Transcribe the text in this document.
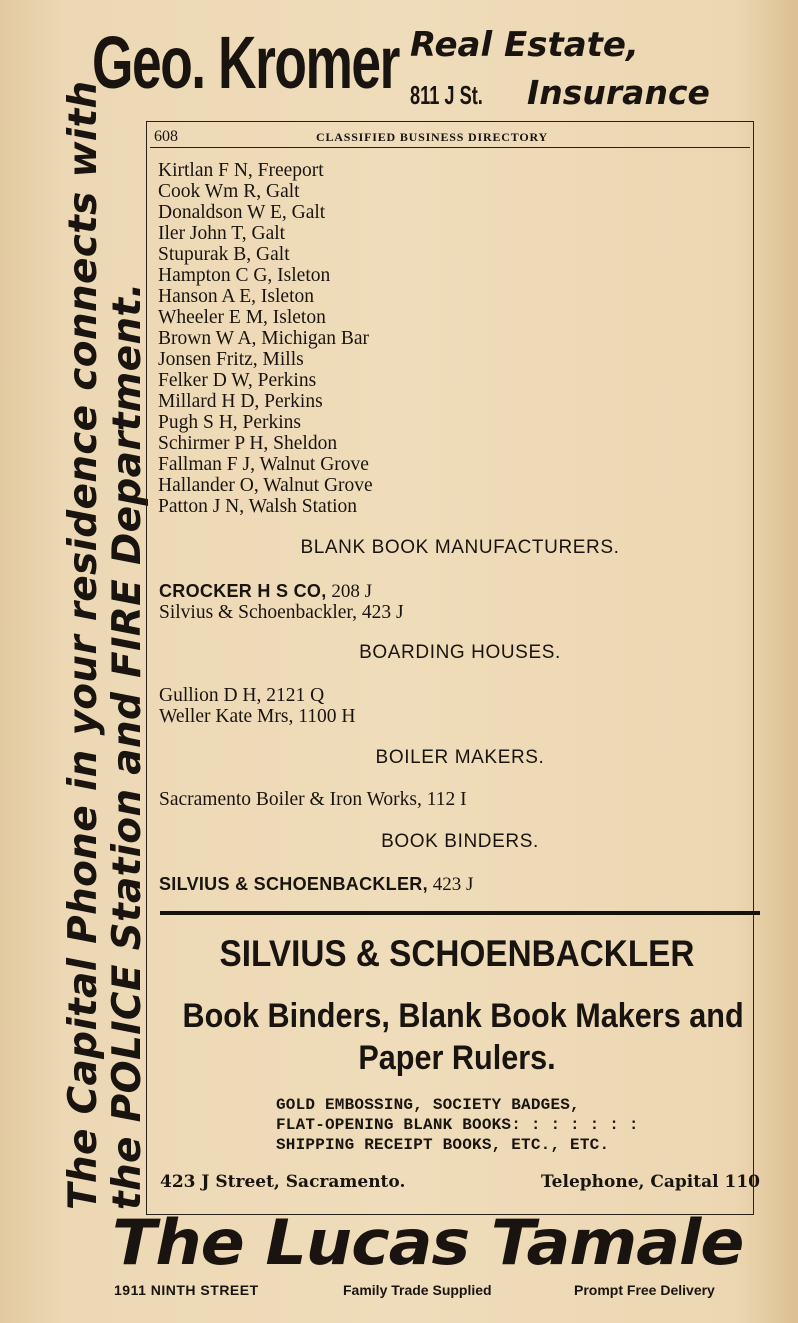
Geo. Kromer Real Estate,
811 J St. Insurance
The Capital Phone in your residence connects with the POLICE Station and FIRE Department.
608	CLASSIFIED BUSINESS DIRECTORY
Kirtlan F N, Freeport
Cook Wm R, Galt
Donaldson W E, Galt
Iler John T, Galt
Stupurak B, Galt
Hampton C G, Isleton
Hanson A E, Isleton
Wheeler E M, Isleton
Brown W A, Michigan Bar
Jonsen Fritz, Mills
Felker D W, Perkins
Millard H D, Perkins
Pugh S H, Perkins
Schirmer P H, Sheldon
Fallman F J, Walnut Grove
Hallander O, Walnut Grove
Patton J N, Walsh Station
BLANK BOOK MANUFACTURERS.
CROCKER H S CO, 208 J
Silvius & Schoenbackler, 423 J
BOARDING HOUSES.
Gullion D H, 2121 Q
Weller Kate Mrs, 1100 H
BOILER MAKERS.
Sacramento Boiler & Iron Works, 112 I
BOOK BINDERS.
SILVIUS & SCHOENBACKLER, 423 J
SILVIUS & SCHOENBACKLER
Book Binders, Blank Book Makers and
Paper Rulers.
GOLD EMBOSSING, SOCIETY BADGES,
FLAT-OPENING BLANK BOOKS: : : : : : :
SHIPPING RECEIPT BOOKS, ETC., ETC.
423 J Street, Sacramento.	Telephone, Capital 110
The Lucas Tamale
1911 NINTH STREET	Family Trade Supplied	Prompt Free Delivery
